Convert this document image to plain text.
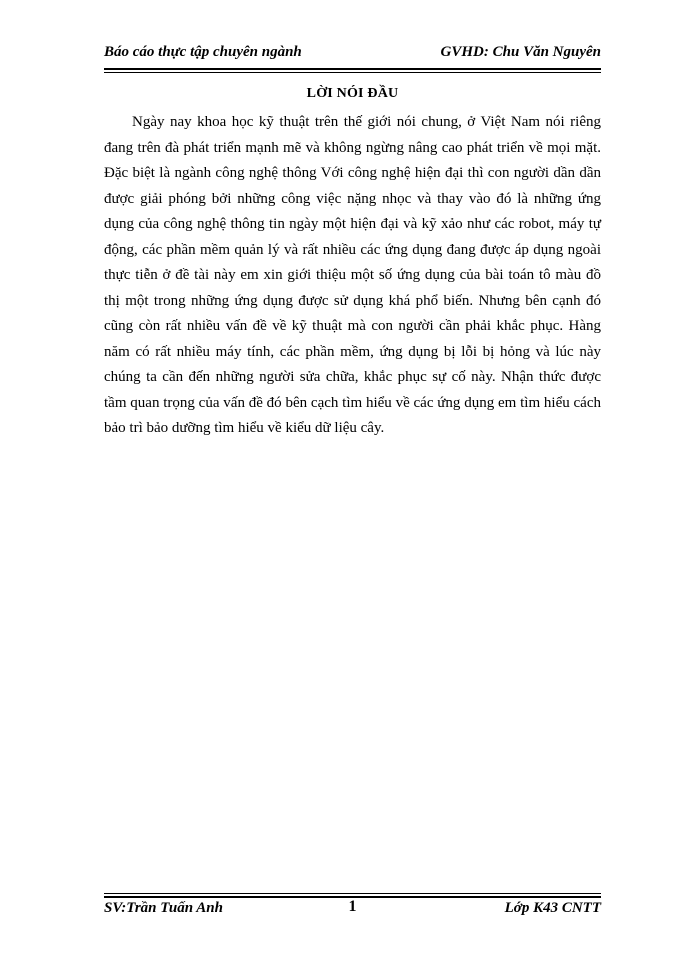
Báo cáo thực tập chuyên ngành	GVHD: Chu Văn Nguyên
LỜI NÓI ĐẦU

Ngày nay khoa học kỹ thuật trên thế giới nói chung, ở Việt Nam nói riêng đang trên đà phát triển mạnh mẽ và không ngừng nâng cao phát triển về mọi mặt. Đặc biệt là ngành công nghệ thông Với công nghệ hiện đại thì con người dần dần được giải phóng bởi những công việc nặng nhọc và thay vào đó là những ứng dụng của công nghệ thông tin ngày một hiện đại và kỹ xảo như các robot, máy tự động, các phần mềm quản lý và rất nhiều các ứng dụng đang được áp dụng ngoài thực tiễn ở đề tài này em xin giới thiệu một số ứng dụng của bài toán tô màu đồ thị một trong những ứng dụng được sử dụng khá phổ biến. Nhưng bên cạnh đó cũng còn rất nhiều vấn đề về kỹ thuật mà con người cần phải khắc phục. Hàng năm có rất nhiều máy tính, các phần mềm, ứng dụng bị lỗi bị hỏng và lúc này chúng ta cần đến những người sửa chữa, khắc phục sự cố này. Nhận thức được tầm quan trọng của vấn đề đó bên cạch tìm hiểu về các ứng dụng em tìm hiểu cách bảo trì bảo dưỡng tìm hiểu về kiểu dữ liệu cây.

SV:Trần Tuấn Anh	1	Lớp K43 CNTT
